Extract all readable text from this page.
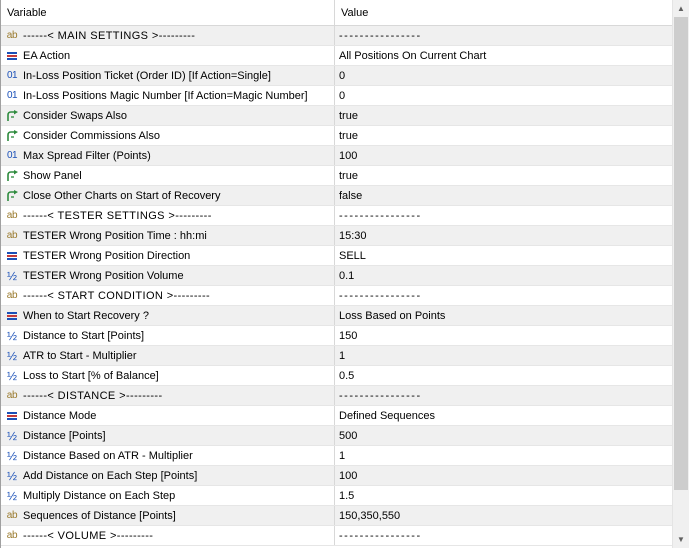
Variable	Value
ab ------< MAIN SETTINGS >---------	----------------
EA Action	All Positions On Current Chart
01 In-Loss Position Ticket (Order ID) [If Action=Single]	0
01 In-Loss Positions Magic Number [If Action=Magic Number]	0
Consider Swaps Also	true
Consider Commissions Also	true
01 Max Spread Filter (Points)	100
Show Panel	true
Close Other Charts on Start of Recovery	false
ab ------< TESTER SETTINGS >---------	----------------
ab TESTER Wrong Position Time : hh:mi	15:30
TESTER Wrong Position Direction	SELL
½ TESTER Wrong Position Volume	0.1
ab ------< START CONDITION >---------	----------------
When to Start Recovery ?	Loss Based on Points
½ Distance to Start [Points]	150
½ ATR to Start - Multiplier	1
½ Loss to Start [% of Balance]	0.5
ab ------< DISTANCE >---------	----------------
Distance Mode	Defined Sequences
½ Distance [Points]	500
½ Distance Based on ATR - Multiplier	1
½ Add Distance on Each Step [Points]	100
½ Multiply Distance on Each Step	1.5
ab Sequences of Distance [Points]	150,350,550
ab ------< VOLUME >---------	----------------
▲
▼
